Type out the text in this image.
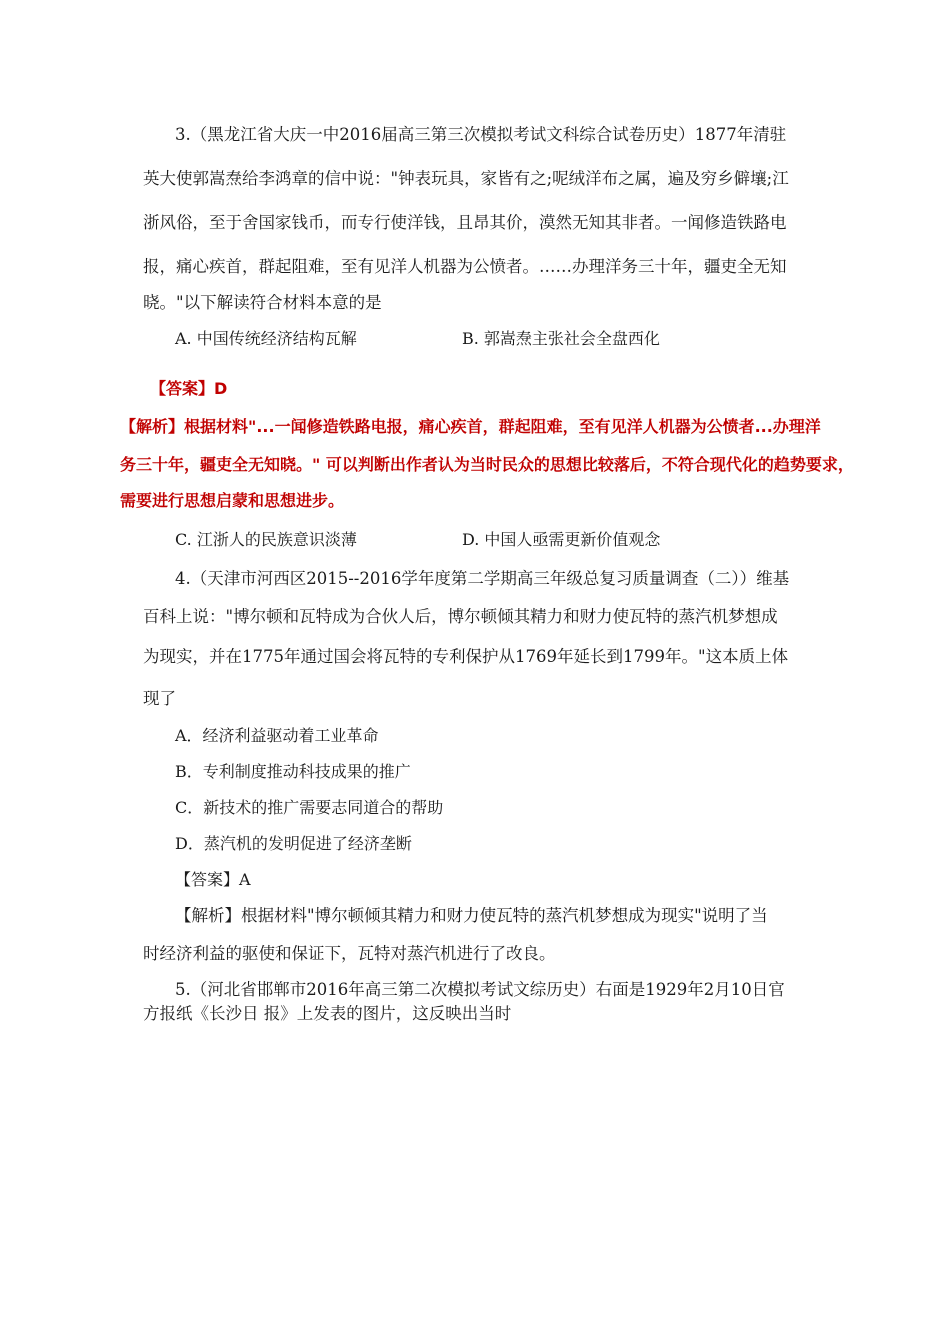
3.（黑龙江省大庆一中2016届高三第三次模拟考试文科综合试卷历史）1877年清驻
英大使郭嵩焘给李鸿章的信中说："钟表玩具，家皆有之;呢绒洋布之属，遍及穷乡僻壤;江
浙风俗，至于舍国家钱币，而专行使洋钱，且昂其价，漠然无知其非者。一闻修造铁路电
报，痛心疾首，群起阻难，至有见洋人机器为公愤者。……办理洋务三十年，疆吏全无知
晓。"以下解读符合材料本意的是
A. 中国传统经济结构瓦解	B. 郭嵩焘主张社会全盘西化
【答案】D
【解析】根据材料"...一闻修造铁路电报，痛心疾首，群起阻难，至有见洋人机器为公愤者...办理洋
务三十年，疆吏全无知晓。" 可以判断出作者认为当时民众的思想比较落后，不符合现代化的趋势要求，
需要进行思想启蒙和思想进步。
C. 江浙人的民族意识淡薄	D. 中国人亟需更新价值观念
4.（天津市河西区2015--2016学年度第二学期高三年级总复习质量调查（二））维基
百科上说："博尔顿和瓦特成为合伙人后，博尔顿倾其精力和财力使瓦特的蒸汽机梦想成
为现实，并在1775年通过国会将瓦特的专利保护从1769年延长到1799年。"这本质上体
现了
A．经济利益驱动着工业革命
B．专利制度推动科技成果的推广
C．新技术的推广需要志同道合的帮助
D．蒸汽机的发明促进了经济垄断
【答案】A
【解析】根据材料"博尔顿倾其精力和财力使瓦特的蒸汽机梦想成为现实"说明了当
时经济利益的驱使和保证下，瓦特对蒸汽机进行了改良。
5.（河北省邯郸市2016年高三第二次模拟考试文综历史）右面是1929年2月10日官
方报纸《长沙日 报》上发表的图片，这反映出当时
